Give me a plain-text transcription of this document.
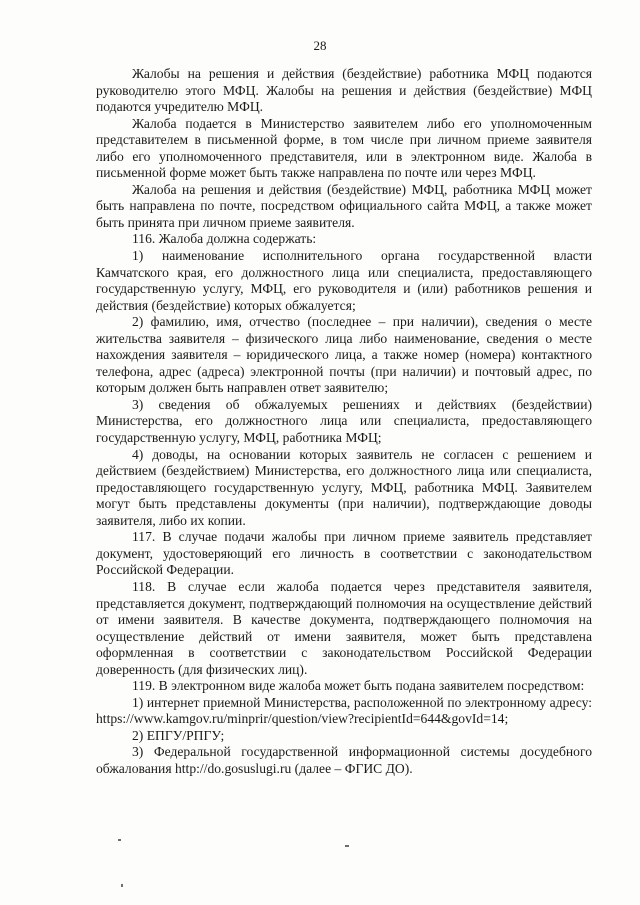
28

Жалобы на решения и действия (бездействие) работника МФЦ подаются руководителю этого МФЦ. Жалобы на решения и действия (бездействие) МФЦ подаются учредителю МФЦ.

Жалоба подается в Министерство заявителем либо его уполномоченным представителем в письменной форме, в том числе при личном приеме заявителя либо его уполномоченного представителя, или в электронном виде. Жалоба в письменной форме может быть также направлена по почте или через МФЦ.

Жалоба на решения и действия (бездействие) МФЦ, работника МФЦ может быть направлена по почте, посредством официального сайта МФЦ, а также может быть принята при личном приеме заявителя.

116. Жалоба должна содержать:

1) наименование исполнительного органа государственной власти Камчатского края, его должностного лица или специалиста, предоставляющего государственную услугу, МФЦ, его руководителя и (или) работников решения и действия (бездействие) которых обжалуется;

2) фамилию, имя, отчество (последнее – при наличии), сведения о месте жительства заявителя – физического лица либо наименование, сведения о месте нахождения заявителя – юридического лица, а также номер (номера) контактного телефона, адрес (адреса) электронной почты (при наличии) и почтовый адрес, по которым должен быть направлен ответ заявителю;

3) сведения об обжалуемых решениях и действиях (бездействии) Министерства, его должностного лица или специалиста, предоставляющего государственную услугу, МФЦ, работника МФЦ;

4) доводы, на основании которых заявитель не согласен с решением и действием (бездействием) Министерства, его должностного лица или специалиста, предоставляющего государственную услугу, МФЦ, работника МФЦ. Заявителем могут быть представлены документы (при наличии), подтверждающие доводы заявителя, либо их копии.

117. В случае подачи жалобы при личном приеме заявитель представляет документ, удостоверяющий его личность в соответствии с законодательством Российской Федерации.

118. В случае если жалоба подается через представителя заявителя, представляется документ, подтверждающий полномочия на осуществление действий от имени заявителя. В качестве документа, подтверждающего полномочия на осуществление действий от имени заявителя, может быть представлена оформленная в соответствии с законодательством Российской Федерации доверенность (для физических лиц).

119. В электронном виде жалоба может быть подана заявителем посредством:

1) интернет приемной Министерства, расположенной по электронному адресу: https://www.kamgov.ru/minprir/question/view?recipientId=644&govId=14;

2) ЕПГУ/РПГУ;

3) Федеральной государственной информационной системы досудебного обжалования http://do.gosuslugi.ru (далее – ФГИС ДО).
